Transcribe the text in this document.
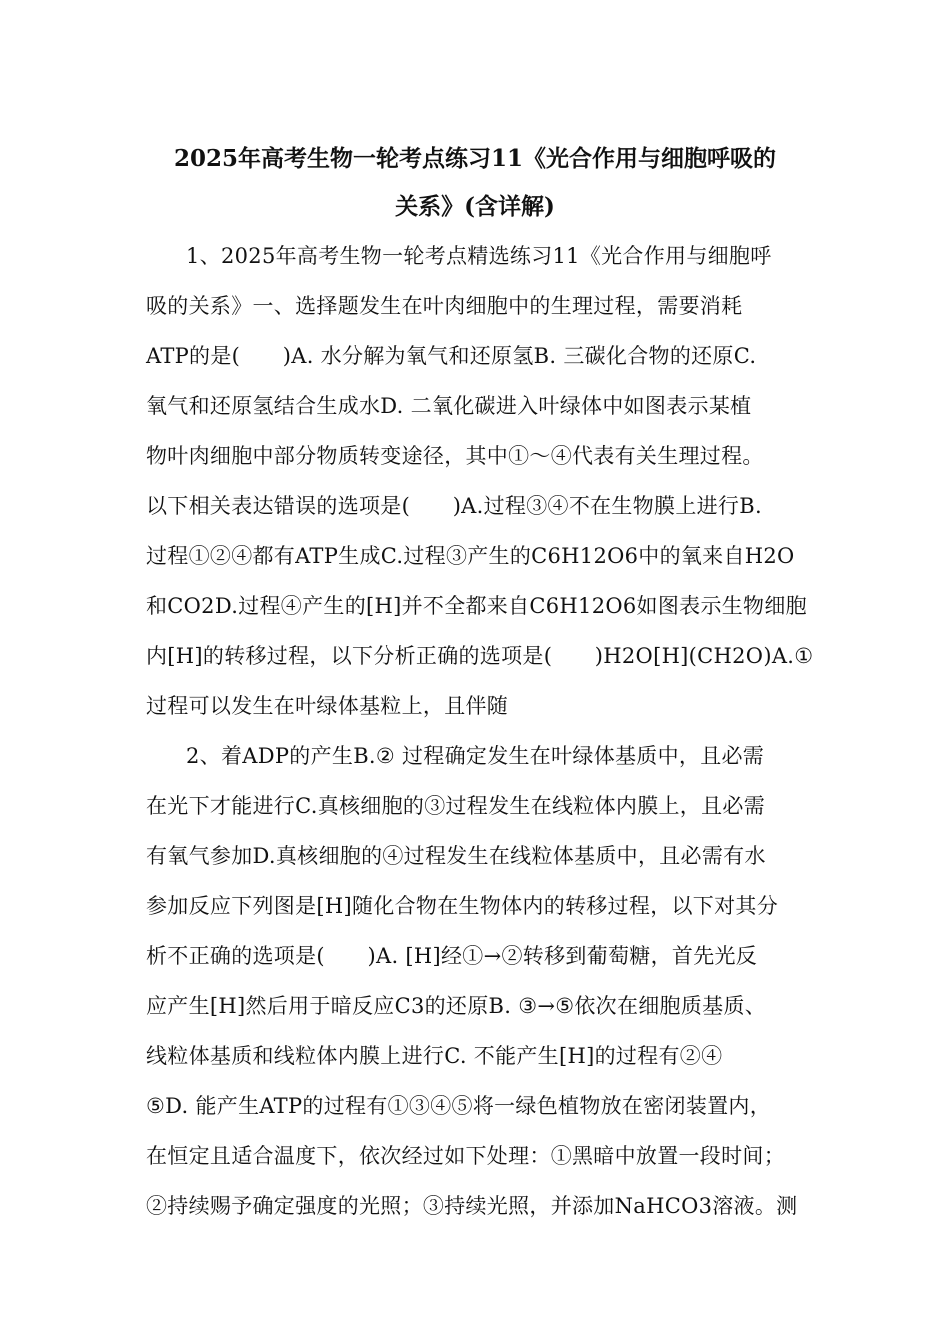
2025年高考生物一轮考点练习11《光合作用与细胞呼吸的
关系》(含详解)
1、2025年高考生物一轮考点精选练习11《光合作用与细胞呼
吸的关系》一、选择题发生在叶肉细胞中的生理过程，需要消耗
ATP的是(　　)A. 水分解为氧气和还原氢B. 三碳化合物的还原C.
氧气和还原氢结合生成水D. 二氧化碳进入叶绿体中如图表示某植
物叶肉细胞中部分物质转变途径，其中①～④代表有关生理过程。
以下相关表达错误的选项是(　　)A.过程③④不在生物膜上进行B.
过程①②④都有ATP生成C.过程③产生的C6H12O6中的氧来自H2O
和CO2D.过程④产生的[H]并不全都来自C6H12O6如图表示生物细胞
内[H]的转移过程，以下分析正确的选项是(　　)H2O[H](CH2O)A.①
过程可以发生在叶绿体基粒上，且伴随
2、着ADP的产生B.② 过程确定发生在叶绿体基质中，且必需
在光下才能进行C.真核细胞的③过程发生在线粒体内膜上，且必需
有氧气参加D.真核细胞的④过程发生在线粒体基质中，且必需有水
参加反应下列图是[H]随化合物在生物体内的转移过程，以下对其分
析不正确的选项是(　　)A. [H]经①→②转移到葡萄糖，首先光反
应产生[H]然后用于暗反应C3的还原B. ③→⑤依次在细胞质基质、
线粒体基质和线粒体内膜上进行C. 不能产生[H]的过程有②④
⑤D. 能产生ATP的过程有①③④⑤将一绿色植物放在密闭装置内，
在恒定且适合温度下，依次经过如下处理：①黑暗中放置一段时间；
②持续赐予确定强度的光照；③持续光照，并添加NaHCO3溶液。测
